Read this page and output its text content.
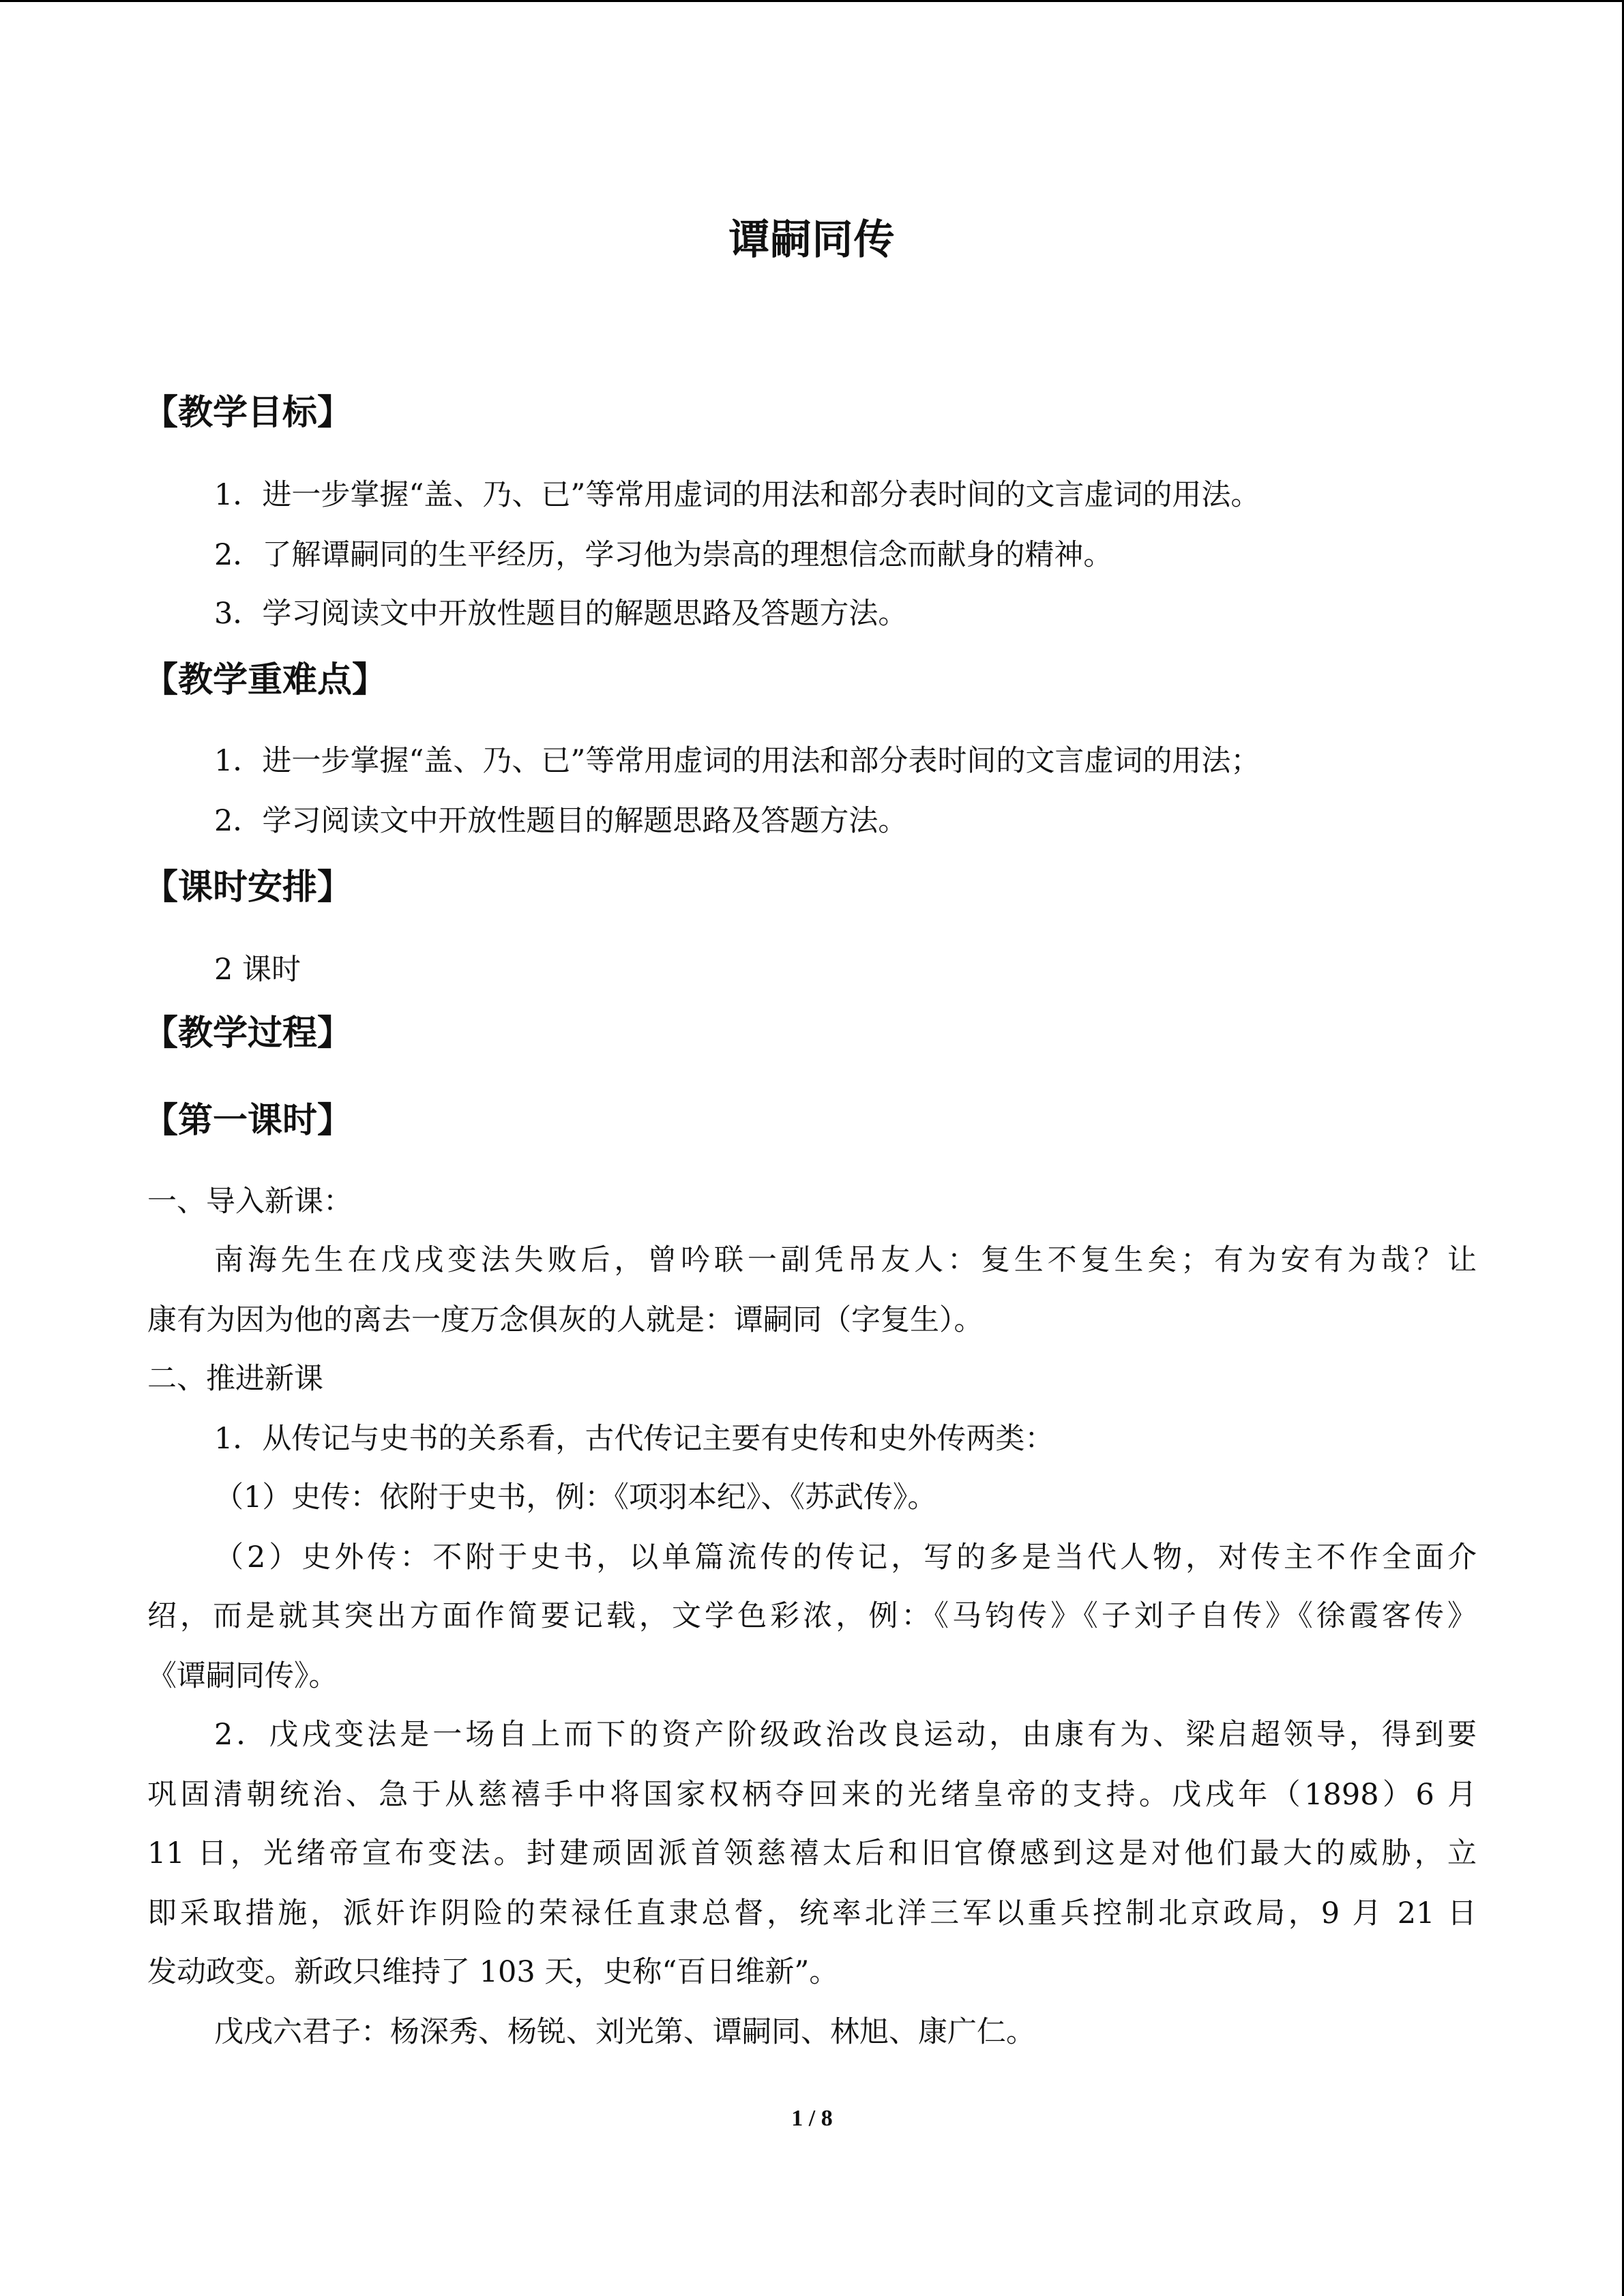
谭嗣同传
【教学目标】
1．进一步掌握“盖、乃、已”等常用虚词的用法和部分表时间的文言虚词的用法。
2．了解谭嗣同的生平经历，学习他为崇高的理想信念而献身的精神。
3．学习阅读文中开放性题目的解题思路及答题方法。
【教学重难点】
1．进一步掌握“盖、乃、已”等常用虚词的用法和部分表时间的文言虚词的用法；
2．学习阅读文中开放性题目的解题思路及答题方法。
【课时安排】
2 课时
【教学过程】
【第一课时】
一、导入新课：
南海先生在戊戌变法失败后，曾吟联一副凭吊友人：复生不复生矣；有为安有为哉？让
康有为因为他的离去一度万念俱灰的人就是：谭嗣同（字复生）。
二、推进新课
1．从传记与史书的关系看，古代传记主要有史传和史外传两类：
（1）史传：依附于史书，例：《项羽本纪》、《苏武传》。
（2）史外传：不附于史书，以单篇流传的传记，写的多是当代人物，对传主不作全面介
绍，而是就其突出方面作简要记载，文学色彩浓，例：《马钧传》《子刘子自传》《徐霞客传》
《谭嗣同传》。
2．戊戌变法是一场自上而下的资产阶级政治改良运动，由康有为、梁启超领导，得到要
巩固清朝统治、急于从慈禧手中将国家权柄夺回来的光绪皇帝的支持。戊戌年（1898）6 月
11 日，光绪帝宣布变法。封建顽固派首领慈禧太后和旧官僚感到这是对他们最大的威胁，立
即采取措施，派奸诈阴险的荣禄任直隶总督，统率北洋三军以重兵控制北京政局，9 月 21 日
发动政变。新政只维持了 103 天，史称“百日维新”。
戊戌六君子：杨深秀、杨锐、刘光第、谭嗣同、林旭、康广仁。
1 / 8
